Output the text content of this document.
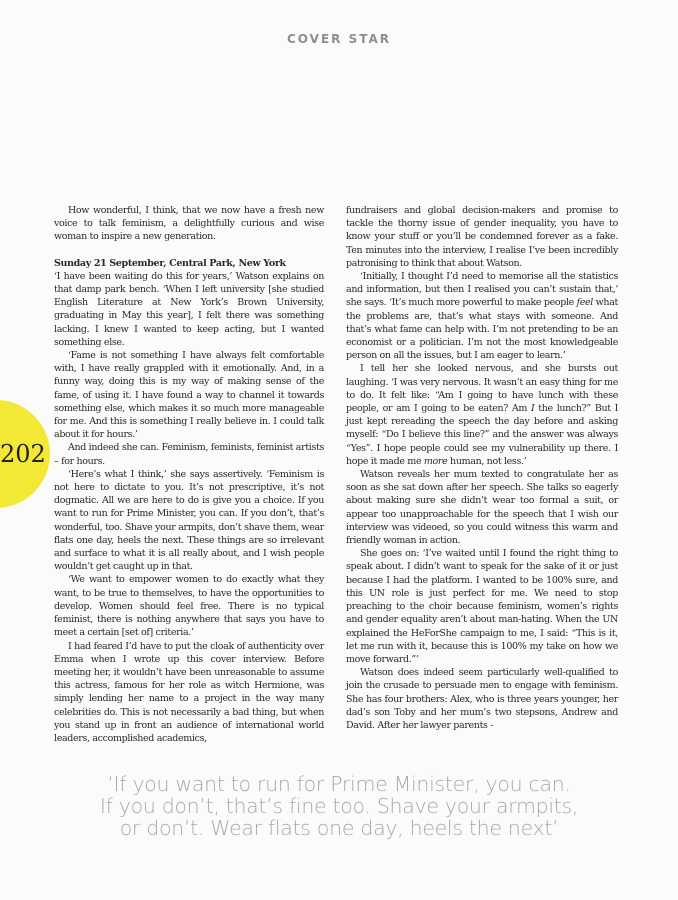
COVER STAR
202

How wonderful, I think, that we now have a fresh new voice to talk feminism, a delightfully curious and wise woman to inspire a new generation.

Sunday 21 September, Central Park, New York

‘I have been waiting do this for years,’ Watson explains on that damp park bench. ‘When I left university [she studied English Literature at New York’s Brown University, graduating in May this year], I felt there was something lacking. I knew I wanted to keep acting, but I wanted something else.

‘Fame is not something I have always felt comfortable with, I have really grappled with it emotionally. And, in a funny way, doing this is my way of making sense of the fame, of using it. I have found a way to channel it towards something else, which makes it so much more manageable for me. And this is something I really believe in. I could talk about it for hours.’

And indeed she can. Feminism, feminists, feminist artists – for hours.

‘Here’s what I think,’ she says assertively. ‘Feminism is not here to dictate to you. It’s not prescriptive, it’s not dogmatic. All we are here to do is give you a choice. If you want to run for Prime Minister, you can. If you don’t, that’s wonderful, too. Shave your armpits, don’t shave them, wear flats one day, heels the next. These things are so irrelevant and surface to what it is all really about, and I wish people wouldn’t get caught up in that.

‘We want to empower women to do exactly what they want, to be true to themselves, to have the opportunities to develop. Women should feel free. There is no typical feminist, there is nothing anywhere that says you have to meet a certain [set of] criteria.’

I had feared I’d have to put the cloak of authenticity over Emma when I wrote up this cover interview. Before meeting her, it wouldn’t have been unreasonable to assume this actress, famous for her role as witch Hermione, was simply lending her name to a project in the way many celebrities do. This is not necessarily a bad thing, but when you stand up in front an audience of international world leaders, accomplished academics,

fundraisers and global decision-makers and promise to tackle the thorny issue of gender inequality, you have to know your stuff or you’ll be condemned forever as a fake. Ten minutes into the interview, I realise I’ve been incredibly patronising to think that about Watson.

‘Initially, I thought I’d need to memorise all the statistics and information, but then I realised you can’t sustain that,’ she says. ‘It’s much more powerful to make people feel what the problems are, that’s what stays with someone. And that’s what fame can help with. I’m not pretending to be an economist or a politician. I’m not the most knowledgeable person on all the issues, but I am eager to learn.’

I tell her she looked nervous, and she bursts out laughing. ‘I was very nervous. It wasn’t an easy thing for me to do. It felt like: “Am I going to have lunch with these people, or am I going to be eaten? Am I the lunch?” But I just kept rereading the speech the day before and asking myself: “Do I believe this line?” and the answer was always “Yes”. I hope people could see my vulnerability up there. I hope it made me more human, not less.’

Watson reveals her mum texted to congratulate her as soon as she sat down after her speech. She talks so eagerly about making sure she didn’t wear too formal a suit, or appear too unapproachable for the speech that I wish our interview was videoed, so you could witness this warm and friendly woman in action.

She goes on: ‘I’ve waited until I found the right thing to speak about. I didn’t want to speak for the sake of it or just because I had the platform. I wanted to be 100% sure, and this UN role is just perfect for me. We need to stop preaching to the choir because feminism, women’s rights and gender equality aren’t about man-hating. When the UN explained the HeForShe campaign to me, I said: “This is it, let me run with it, because this is 100% my take on how we move forward.”’

Watson does indeed seem particularly well-qualified to join the crusade to persuade men to engage with feminism. She has four brothers: Alex, who is three years younger, her dad’s son Toby and her mum’s two stepsons, Andrew and David. After her lawyer parents -

‘If you want to run for Prime Minister, you can.
If you don’t, that’s fine too. Shave your armpits,
or don’t. Wear flats one day, heels the next’
